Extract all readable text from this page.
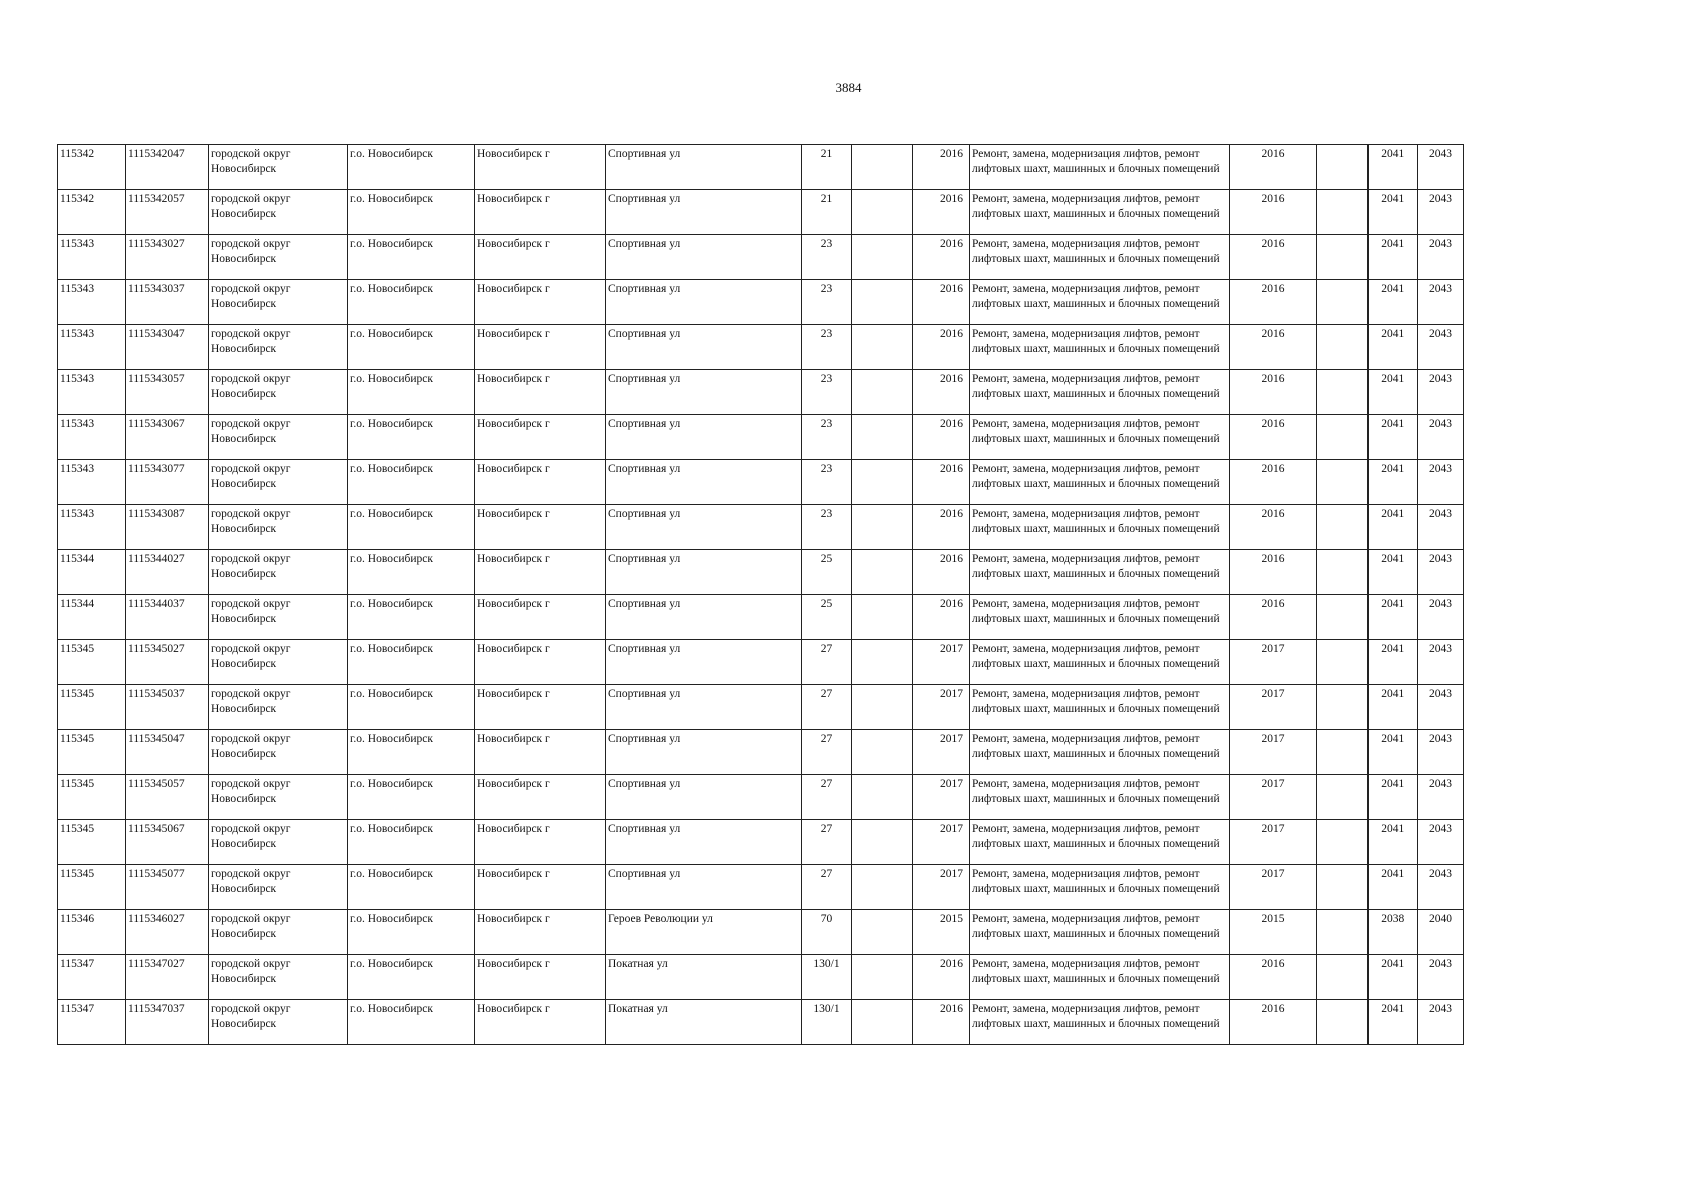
3884
115342	1115342047	городской округ Новосибирск	г.о. Новосибирск	Новосибирск г	Спортивная ул	21		2016	Ремонт, замена, модернизация лифтов, ремонт лифтовых шахт, машинных и блочных помещений	2016		2041	2043
115342	1115342057	городской округ Новосибирск	г.о. Новосибирск	Новосибирск г	Спортивная ул	21		2016	Ремонт, замена, модернизация лифтов, ремонт лифтовых шахт, машинных и блочных помещений	2016		2041	2043
115343	1115343027	городской округ Новосибирск	г.о. Новосибирск	Новосибирск г	Спортивная ул	23		2016	Ремонт, замена, модернизация лифтов, ремонт лифтовых шахт, машинных и блочных помещений	2016		2041	2043
115343	1115343037	городской округ Новосибирск	г.о. Новосибирск	Новосибирск г	Спортивная ул	23		2016	Ремонт, замена, модернизация лифтов, ремонт лифтовых шахт, машинных и блочных помещений	2016		2041	2043
115343	1115343047	городской округ Новосибирск	г.о. Новосибирск	Новосибирск г	Спортивная ул	23		2016	Ремонт, замена, модернизация лифтов, ремонт лифтовых шахт, машинных и блочных помещений	2016		2041	2043
115343	1115343057	городской округ Новосибирск	г.о. Новосибирск	Новосибирск г	Спортивная ул	23		2016	Ремонт, замена, модернизация лифтов, ремонт лифтовых шахт, машинных и блочных помещений	2016		2041	2043
115343	1115343067	городской округ Новосибирск	г.о. Новосибирск	Новосибирск г	Спортивная ул	23		2016	Ремонт, замена, модернизация лифтов, ремонт лифтовых шахт, машинных и блочных помещений	2016		2041	2043
115343	1115343077	городской округ Новосибирск	г.о. Новосибирск	Новосибирск г	Спортивная ул	23		2016	Ремонт, замена, модернизация лифтов, ремонт лифтовых шахт, машинных и блочных помещений	2016		2041	2043
115343	1115343087	городской округ Новосибирск	г.о. Новосибирск	Новосибирск г	Спортивная ул	23		2016	Ремонт, замена, модернизация лифтов, ремонт лифтовых шахт, машинных и блочных помещений	2016		2041	2043
115344	1115344027	городской округ Новосибирск	г.о. Новосибирск	Новосибирск г	Спортивная ул	25		2016	Ремонт, замена, модернизация лифтов, ремонт лифтовых шахт, машинных и блочных помещений	2016		2041	2043
115344	1115344037	городской округ Новосибирск	г.о. Новосибирск	Новосибирск г	Спортивная ул	25		2016	Ремонт, замена, модернизация лифтов, ремонт лифтовых шахт, машинных и блочных помещений	2016		2041	2043
115345	1115345027	городской округ Новосибирск	г.о. Новосибирск	Новосибирск г	Спортивная ул	27		2017	Ремонт, замена, модернизация лифтов, ремонт лифтовых шахт, машинных и блочных помещений	2017		2041	2043
115345	1115345037	городской округ Новосибирск	г.о. Новосибирск	Новосибирск г	Спортивная ул	27		2017	Ремонт, замена, модернизация лифтов, ремонт лифтовых шахт, машинных и блочных помещений	2017		2041	2043
115345	1115345047	городской округ Новосибирск	г.о. Новосибирск	Новосибирск г	Спортивная ул	27		2017	Ремонт, замена, модернизация лифтов, ремонт лифтовых шахт, машинных и блочных помещений	2017		2041	2043
115345	1115345057	городской округ Новосибирск	г.о. Новосибирск	Новосибирск г	Спортивная ул	27		2017	Ремонт, замена, модернизация лифтов, ремонт лифтовых шахт, машинных и блочных помещений	2017		2041	2043
115345	1115345067	городской округ Новосибирск	г.о. Новосибирск	Новосибирск г	Спортивная ул	27		2017	Ремонт, замена, модернизация лифтов, ремонт лифтовых шахт, машинных и блочных помещений	2017		2041	2043
115345	1115345077	городской округ Новосибирск	г.о. Новосибирск	Новосибирск г	Спортивная ул	27		2017	Ремонт, замена, модернизация лифтов, ремонт лифтовых шахт, машинных и блочных помещений	2017		2041	2043
115346	1115346027	городской округ Новосибирск	г.о. Новосибирск	Новосибирск г	Героев Революции ул	70		2015	Ремонт, замена, модернизация лифтов, ремонт лифтовых шахт, машинных и блочных помещений	2015		2038	2040
115347	1115347027	городской округ Новосибирск	г.о. Новосибирск	Новосибирск г	Покатная ул	130/1		2016	Ремонт, замена, модернизация лифтов, ремонт лифтовых шахт, машинных и блочных помещений	2016		2041	2043
115347	1115347037	городской округ Новосибирск	г.о. Новосибирск	Новосибирск г	Покатная ул	130/1		2016	Ремонт, замена, модернизация лифтов, ремонт лифтовых шахт, машинных и блочных помещений	2016		2041	2043
